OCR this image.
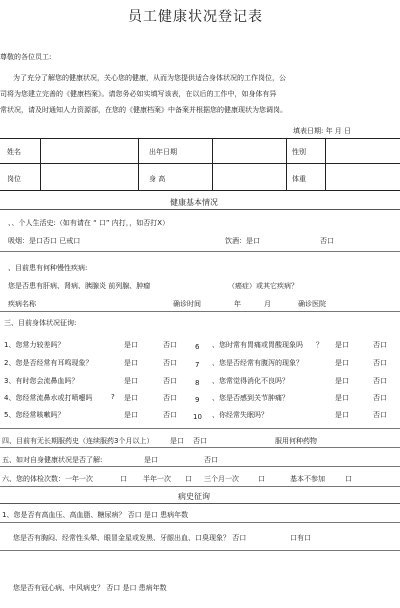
员工健康状况登记表
尊敬的各位员工:
为了充分了解您的健康状况，关心您的健康，从而为您提供适合身体状况的工作岗位，公
司将为您建立完善的《健康档案》。请您务必如实填写该表，在以后的工作中，如身体有异
常状况，请及时通知人力资源部，在您的《健康档案》中备案并根据您的健康现状为您调岗。
填表日期: 年 月 日
姓名	出年日期	性别
岗位	身 高	体重
健康基本情况
、、个人生活史:（如有请在 “ 口” 内打，，如否打X）
吸烟：是口否口 已戒口	饮酒：是口	否口
、目前患有何种慢性疾病:
您是否患有肝病、肾病、胰腺炎 前列腺、肿瘤	（癌症）或其它疾病？
疾病名称	确诊时间	年	月	确诊医院
三、目前身体状况征询:
1、您常力较差吗？	是口	否口
2、您是否经常有耳鸣现象？	是口	否口
3、有时您会流鼻血吗？	是口	否口
4、您经常流鼻水或打喷嚏吗	? 是口	否口
5、您经常咳嗽吗？	是口	否口
6 、您时常有胃痛或胃酸现象吗 ？ 是口	否口
7 、您是否经常有腹泻的现象？	是口	否口
8 、您常觉得消化不良吗？	是口	否口
9 、您是否感到关节肿痛？	是口	否口
10 、你经常失眠吗？	是口	否口
四、目前有无长期服药史（连续服药3个月以上） 是口 否口	服用何种药物
五、如对自身健康状况是否了解:	是口	否口
六、您的体检次数：一年一次	口 半年一次 口 三个月一次	口	基本不参加	口
病史征询
1、您是否有高血压、高血脂、糖尿病？ 否口 是口 患病年数
您是否有胸闷、经常性头晕、眼冒金星或发黑、牙龈出血、口臭现象？ 否口	口有口
您是否有冠心病、中风病史？ 否口 是口 患病年数
